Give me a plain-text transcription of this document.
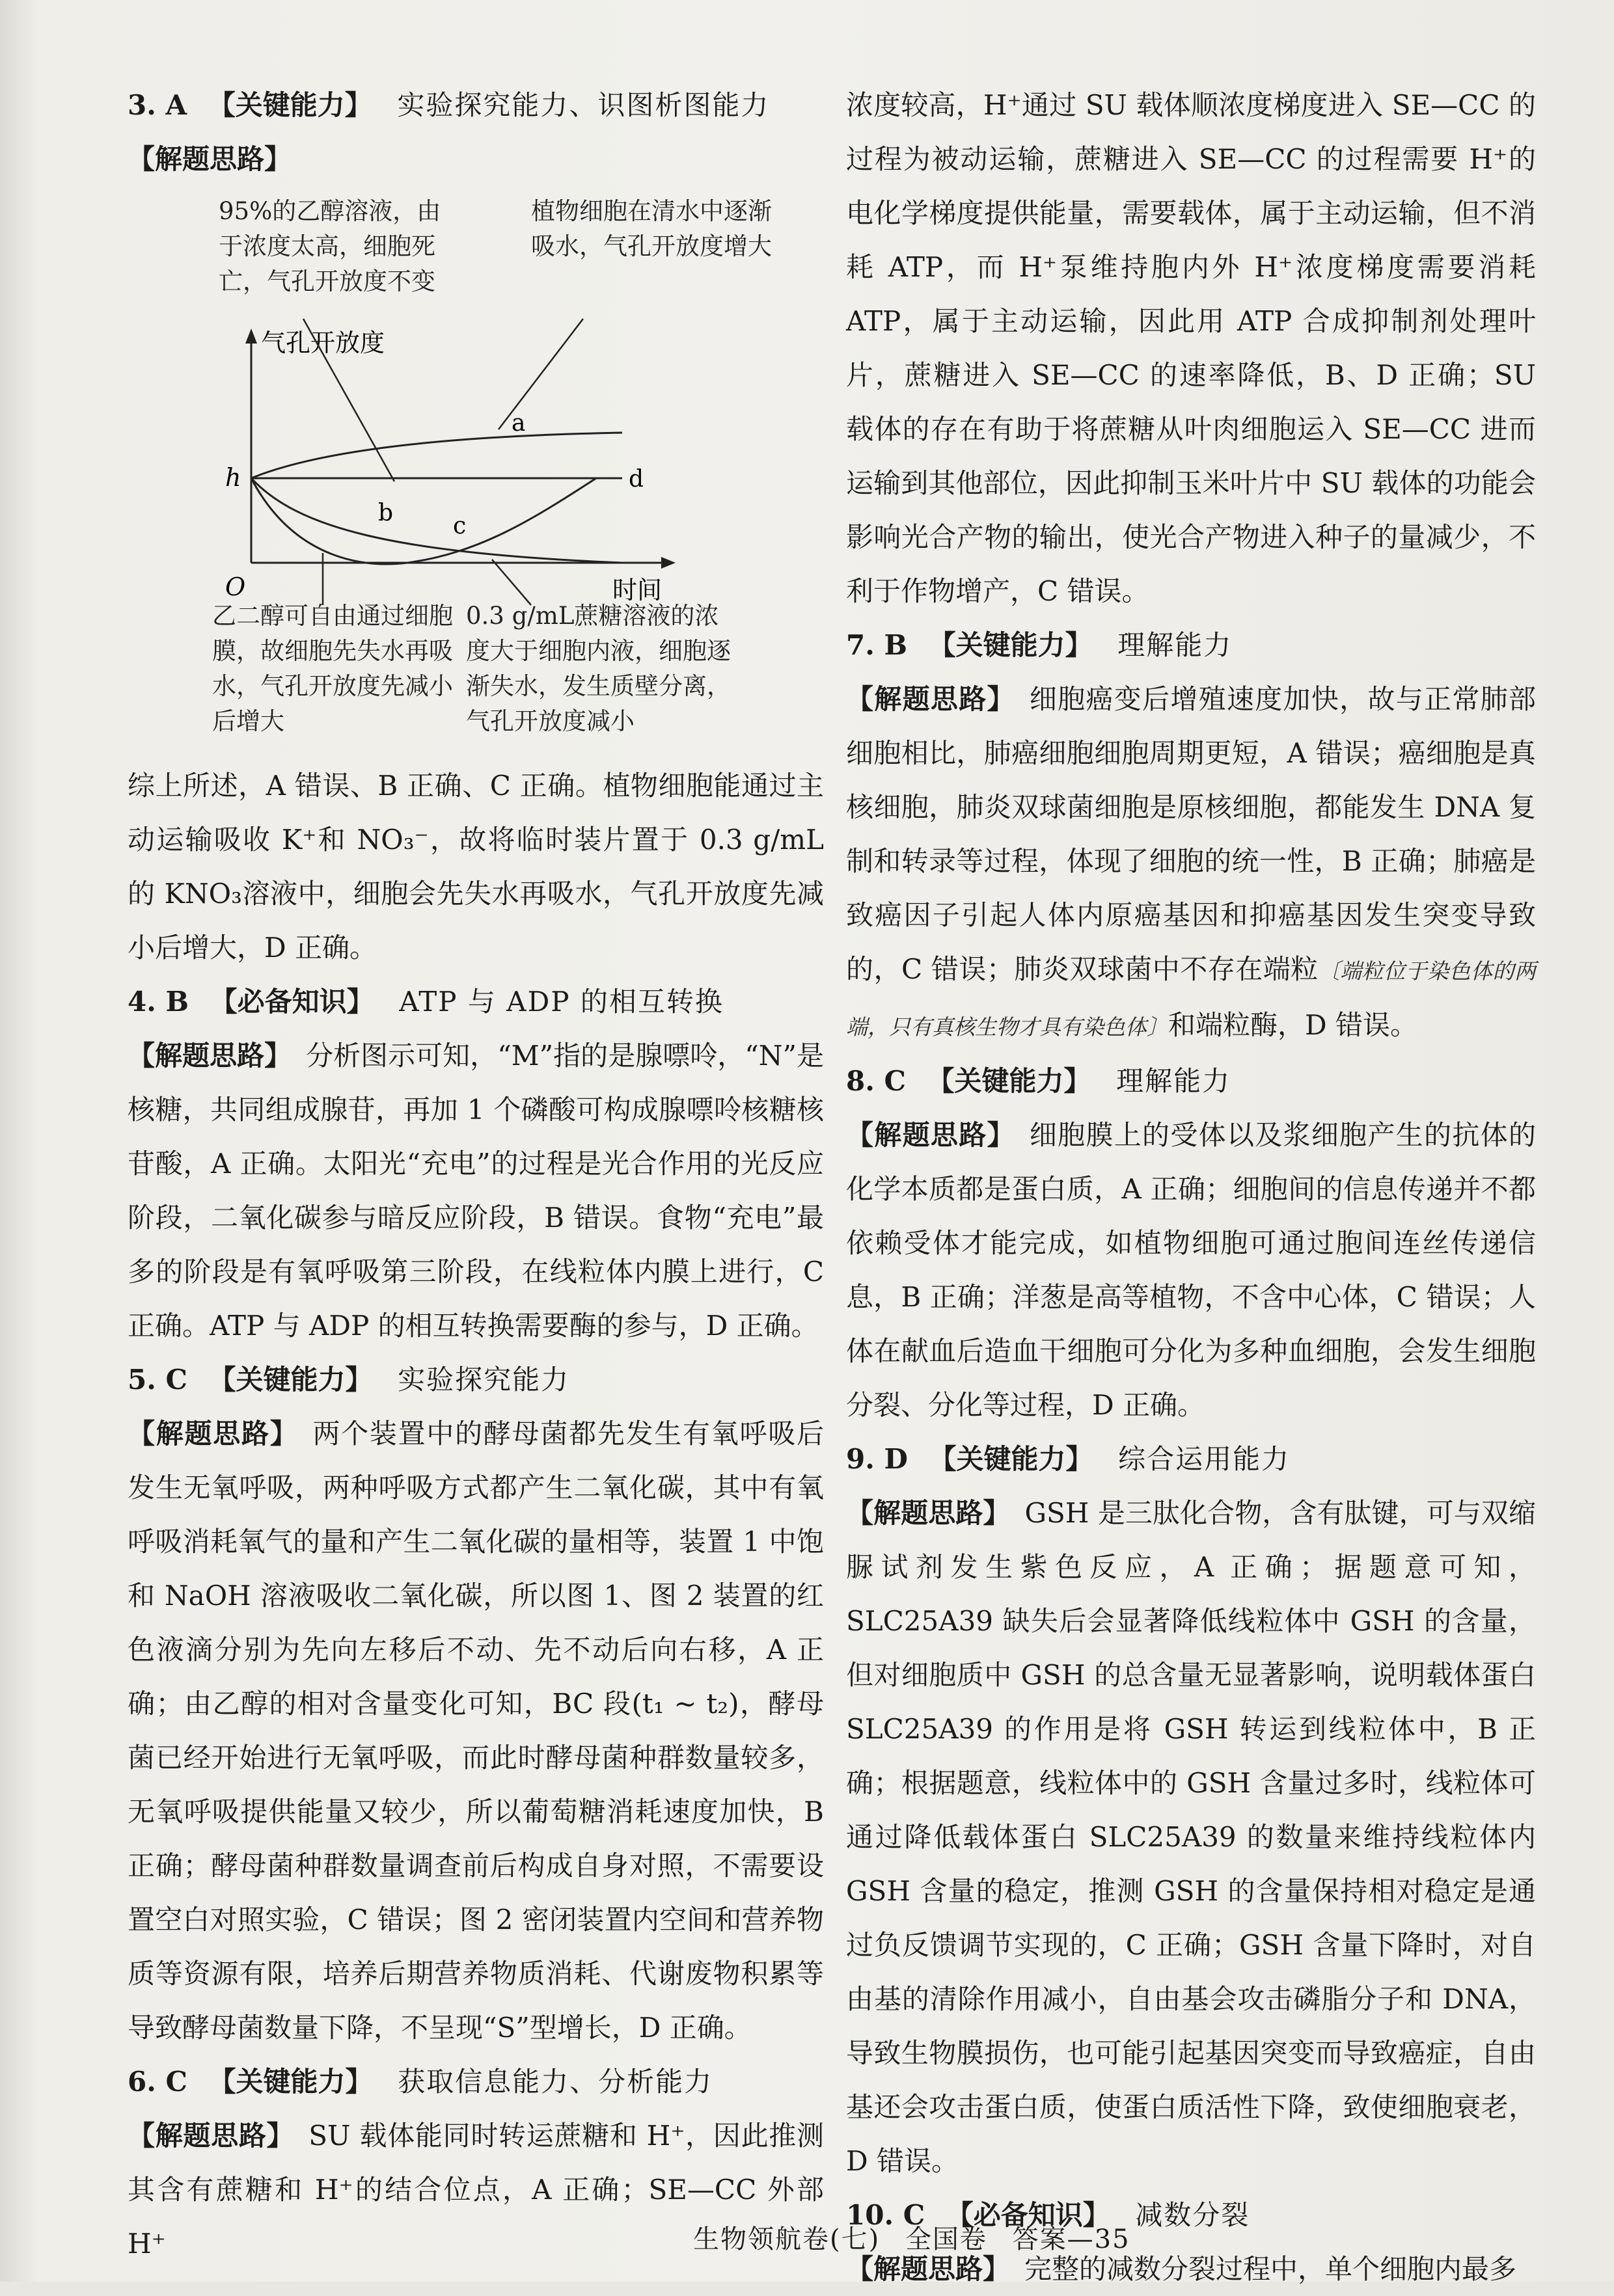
3. A 【关键能力】 实验探究能力、识图析图能力

【解题思路】

95%的乙醇溶液，由于浓度太高，细胞死亡，气孔开放度不变
植物细胞在清水中逐渐吸水，气孔开放度增大
气孔开放度
时间
O
h
a
d
b	c
乙二醇可自由通过细胞膜，故细胞先失水再吸水，气孔开放度先减小后增大
0.3 g/mL蔗糖溶液的浓度大于细胞内液，细胞逐渐失水，发生质壁分离，气孔开放度减小

综上所述，A 错误、B 正确、C 正确。植物细胞能通过主动运输吸收 K⁺和 NO₃⁻，故将临时装片置于 0.3 g/mL 的 KNO₃溶液中，细胞会先失水再吸水，气孔开放度先减小后增大，D 正确。

4. B 【必备知识】 ATP 与 ADP 的相互转换

【解题思路】 分析图示可知，“M”指的是腺嘌呤，“N”是核糖，共同组成腺苷，再加 1 个磷酸可构成腺嘌呤核糖核苷酸，A 正确。太阳光“充电”的过程是光合作用的光反应阶段，二氧化碳参与暗反应阶段，B 错误。食物“充电”最多的阶段是有氧呼吸第三阶段，在线粒体内膜上进行，C 正确。ATP 与 ADP 的相互转换需要酶的参与，D 正确。

5. C 【关键能力】 实验探究能力

【解题思路】 两个装置中的酵母菌都先发生有氧呼吸后发生无氧呼吸，两种呼吸方式都产生二氧化碳，其中有氧呼吸消耗氧气的量和产生二氧化碳的量相等，装置 1 中饱和 NaOH 溶液吸收二氧化碳，所以图 1、图 2 装置的红色液滴分别为先向左移后不动、先不动后向右移，A 正确；由乙醇的相对含量变化可知，BC 段(t₁ ~ t₂)，酵母菌已经开始进行无氧呼吸，而此时酵母菌种群数量较多，无氧呼吸提供能量又较少，所以葡萄糖消耗速度加快，B 正确；酵母菌种群数量调查前后构成自身对照，不需要设置空白对照实验，C 错误；图 2 密闭装置内空间和营养物质等资源有限，培养后期营养物质消耗、代谢废物积累等导致酵母菌数量下降，不呈现“S”型增长，D 正确。

6. C 【关键能力】 获取信息能力、分析能力

【解题思路】 SU 载体能同时转运蔗糖和 H⁺，因此推测其含有蔗糖和 H⁺的结合位点，A 正确；SE—CC 外部 H⁺

浓度较高，H⁺通过 SU 载体顺浓度梯度进入 SE—CC 的过程为被动运输，蔗糖进入 SE—CC 的过程需要 H⁺的电化学梯度提供能量，需要载体，属于主动运输，但不消耗 ATP，而 H⁺泵维持胞内外 H⁺浓度梯度需要消耗 ATP，属于主动运输，因此用 ATP 合成抑制剂处理叶片，蔗糖进入 SE—CC 的速率降低，B、D 正确；SU 载体的存在有助于将蔗糖从叶肉细胞运入 SE—CC 进而运输到其他部位，因此抑制玉米叶片中 SU 载体的功能会影响光合产物的输出，使光合产物进入种子的量减少，不利于作物增产，C 错误。

7. B 【关键能力】 理解能力

【解题思路】 细胞癌变后增殖速度加快，故与正常肺部细胞相比，肺癌细胞细胞周期更短，A 错误；癌细胞是真核细胞，肺炎双球菌细胞是原核细胞，都能发生 DNA 复制和转录等过程，体现了细胞的统一性，B 正确；肺癌是致癌因子引起人体内原癌基因和抑癌基因发生突变导致的，C 错误；肺炎双球菌中不存在端粒〔端粒位于染色体的两端，只有真核生物才具有染色体〕和端粒酶，D 错误。

8. C 【关键能力】 理解能力

【解题思路】 细胞膜上的受体以及浆细胞产生的抗体的化学本质都是蛋白质，A 正确；细胞间的信息传递并不都依赖受体才能完成，如植物细胞可通过胞间连丝传递信息，B 正确；洋葱是高等植物，不含中心体，C 错误；人体在献血后造血干细胞可分化为多种血细胞，会发生细胞分裂、分化等过程，D 正确。

9. D 【关键能力】 综合运用能力

【解题思路】 GSH 是三肽化合物，含有肽键，可与双缩脲试剂发生紫色反应，A 正确；据题意可知，SLC25A39 缺失后会显著降低线粒体中 GSH 的含量，但对细胞质中 GSH 的总含量无显著影响，说明载体蛋白 SLC25A39 的作用是将 GSH 转运到线粒体中，B 正确；根据题意，线粒体中的 GSH 含量过多时，线粒体可通过降低载体蛋白 SLC25A39 的数量来维持线粒体内 GSH 含量的稳定，推测 GSH 的含量保持相对稳定是通过负反馈调节实现的，C 正确；GSH 含量下降时，对自由基的清除作用减小，自由基会攻击磷脂分子和 DNA，导致生物膜损伤，也可能引起基因突变而导致癌症，自由基还会攻击蛋白质，使蛋白质活性下降，致使细胞衰老，D 错误。

10. C 【必备知识】 减数分裂

【解题思路】 完整的减数分裂过程中，单个细胞内最多

生物领航卷(七) 全国卷 答案—35
